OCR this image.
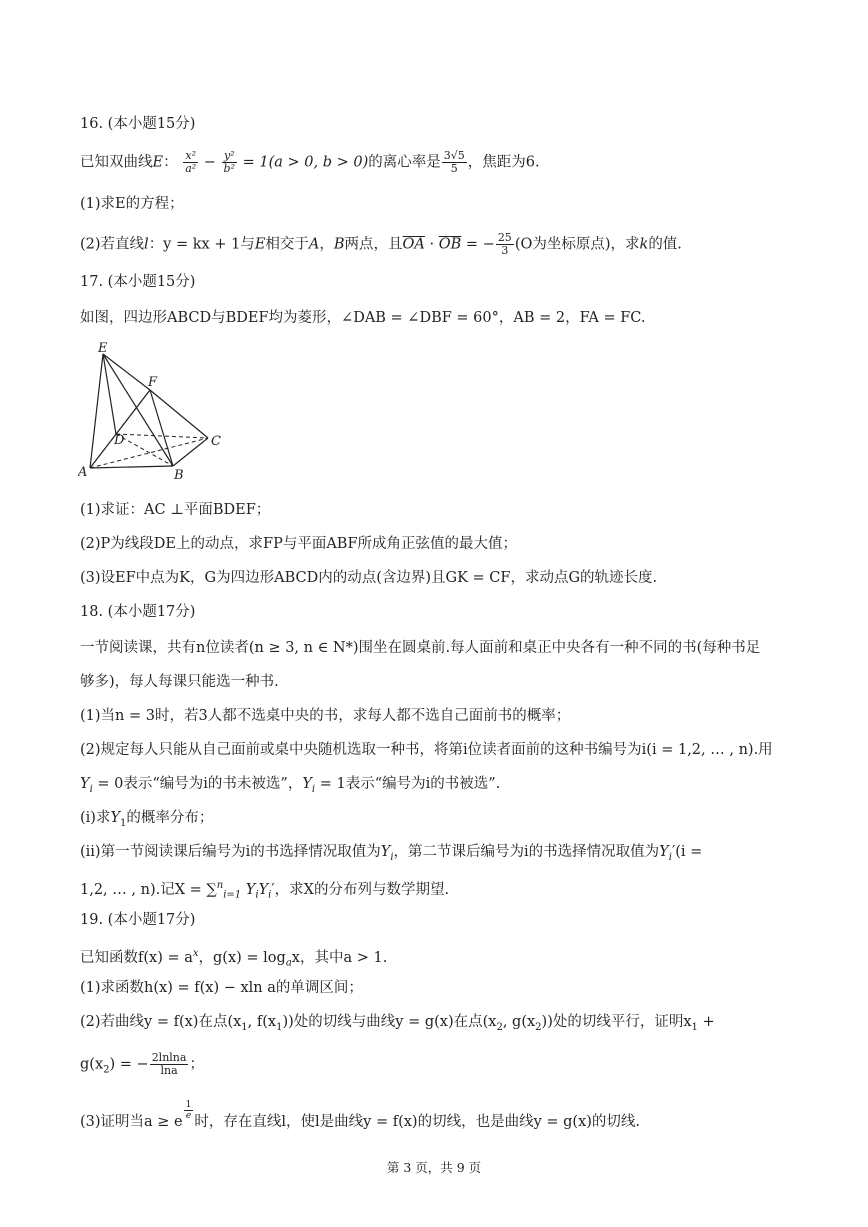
16. (本小题15分)
已知双曲线E： $\frac{\text{x²}}{\text{a²}} - \frac{\text{y²}}{\text{b²}} = 1(a > 0$, b > 0)的离心率是 $\frac{3√5}{5}$ ，焦距为6.
(1)求E的方程；
(2)若直线l：y = kx + 1与E相交于A，B两点，且$\overline{OA} \cdot \overline{OB}$ = − $\frac{25}{3} (O$为坐标原点)，求k的值.
17. (本小题15分)
如图，四边形ABCD与BDEF均为菱形，∠DAB = ∠DBF = 60°，AB = 2，FA = FC.
E
F
D	C
A	B
(1)求证：AC ⊥平面BDEF；
(2)P为线段DE上的动点，求FP与平面ABF所成角正弦值的最大值；
(3)设EF中点为K，G为四边形ABCD内的动点(含边界)且GK = CF，求动点G的轨迹长度.
18. (本小题17分)
一节阅读课，共有n位读者(n ≥ 3, n ∈ N*)围坐在圆桌前.每人面前和桌正中央各有一种不同的书(每种书足
够多)，每人每课只能选一种书.
(1)当n = 3时，若3人都不选桌中央的书，求每人都不选自己面前书的概率；
(2)规定每人只能从自己面前或桌中央随机选取一种书，将第i位读者面前的这种书编号为i(i = 1,2, … , n).用
$Y_i = 0$表示“编号为i的书未被选”，$Y_i = 1$表示“编号为i的书被选”.
(i)求$Y_1$的概率分布；
(ii)第一节阅读课后编号为i的书选择情况取值为$Y_i$，第二节课后编号为i的书选择情况取值为$Y_i'(i$ =
1,2, … , n).记X = ∑$^n_{i=1}$ $Y_iY_i'$，求X的分布列与数学期望.
19. (本小题17分)
已知函数$f(x) = a^x$，$g(x) = \log_ax$，其中a > 1.
(1)求函数h(x) = f(x) − xln a的单调区间；
(2)若曲线y = f(x)在点($x_1$, $f(x_1)$)处的切线与曲线y = g(x)在点($x_2$, $g(x_2)$)处的切线平行，证明$x_1$ +
$g(x_2)$ = − $\frac{2lnlna}{\ln a}$ ；
(3)证明当a ≥ e
$\frac{1}{e}$
时，存在直线l，使l是曲线y = f(x)的切线，也是曲线y = g(x)的切线.
第 3 页，共 9 页
